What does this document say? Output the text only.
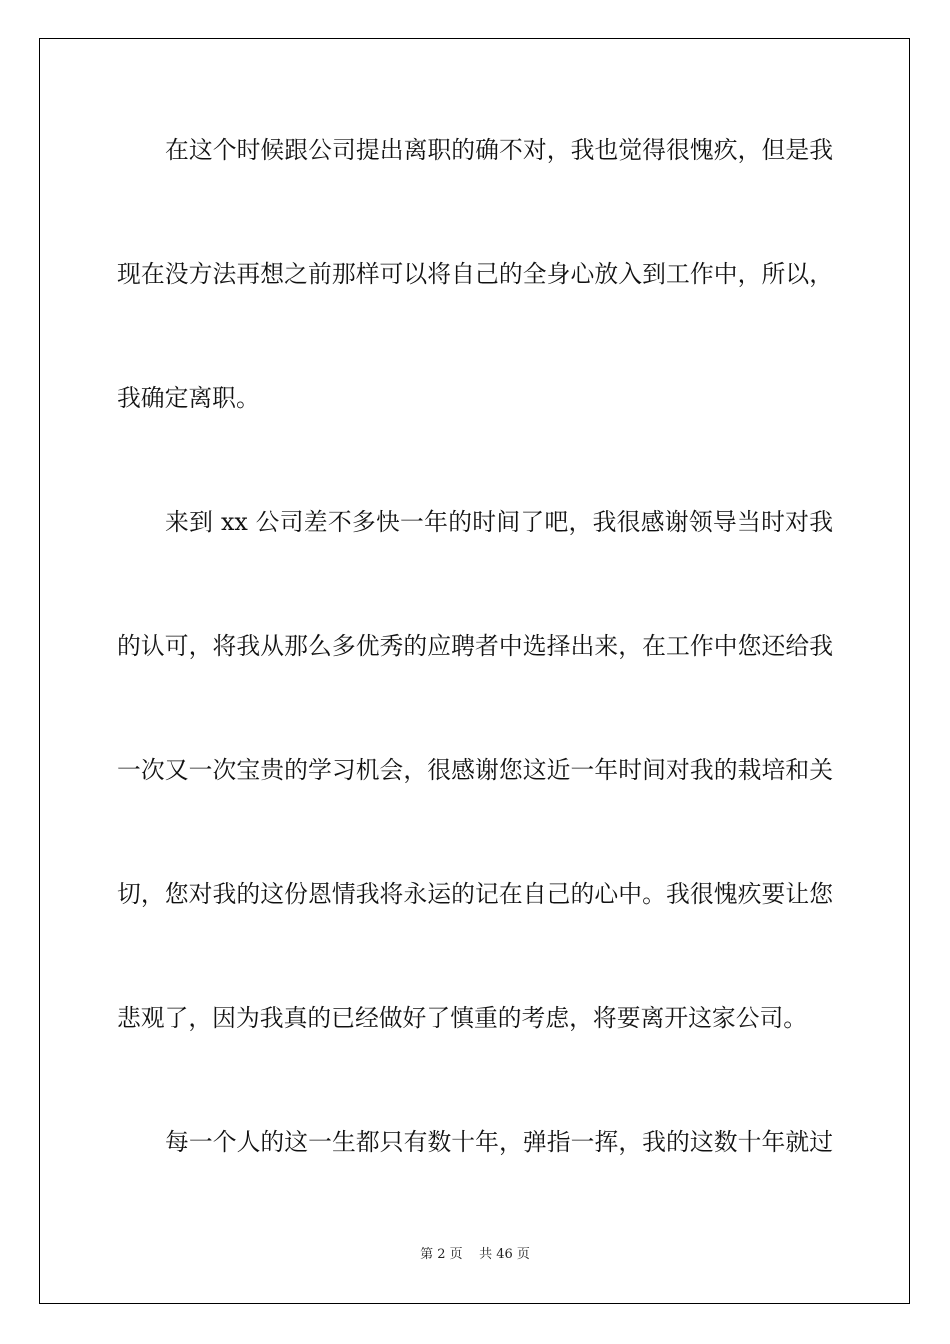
在这个时候跟公司提出离职的确不对，我也觉得很愧疚，但是我
现在没方法再想之前那样可以将自己的全身心放入到工作中，所以，
我确定离职。
来到 xx 公司差不多快一年的时间了吧，我很感谢领导当时对我
的认可，将我从那么多优秀的应聘者中选择出来，在工作中您还给我
一次又一次宝贵的学习机会，很感谢您这近一年时间对我的栽培和关
切，您对我的这份恩情我将永运的记在自己的心中。我很愧疚要让您
悲观了，因为我真的已经做好了慎重的考虑，将要离开这家公司。
每一个人的这一生都只有数十年，弹指一挥，我的这数十年就过
第 2 页    共 46 页
